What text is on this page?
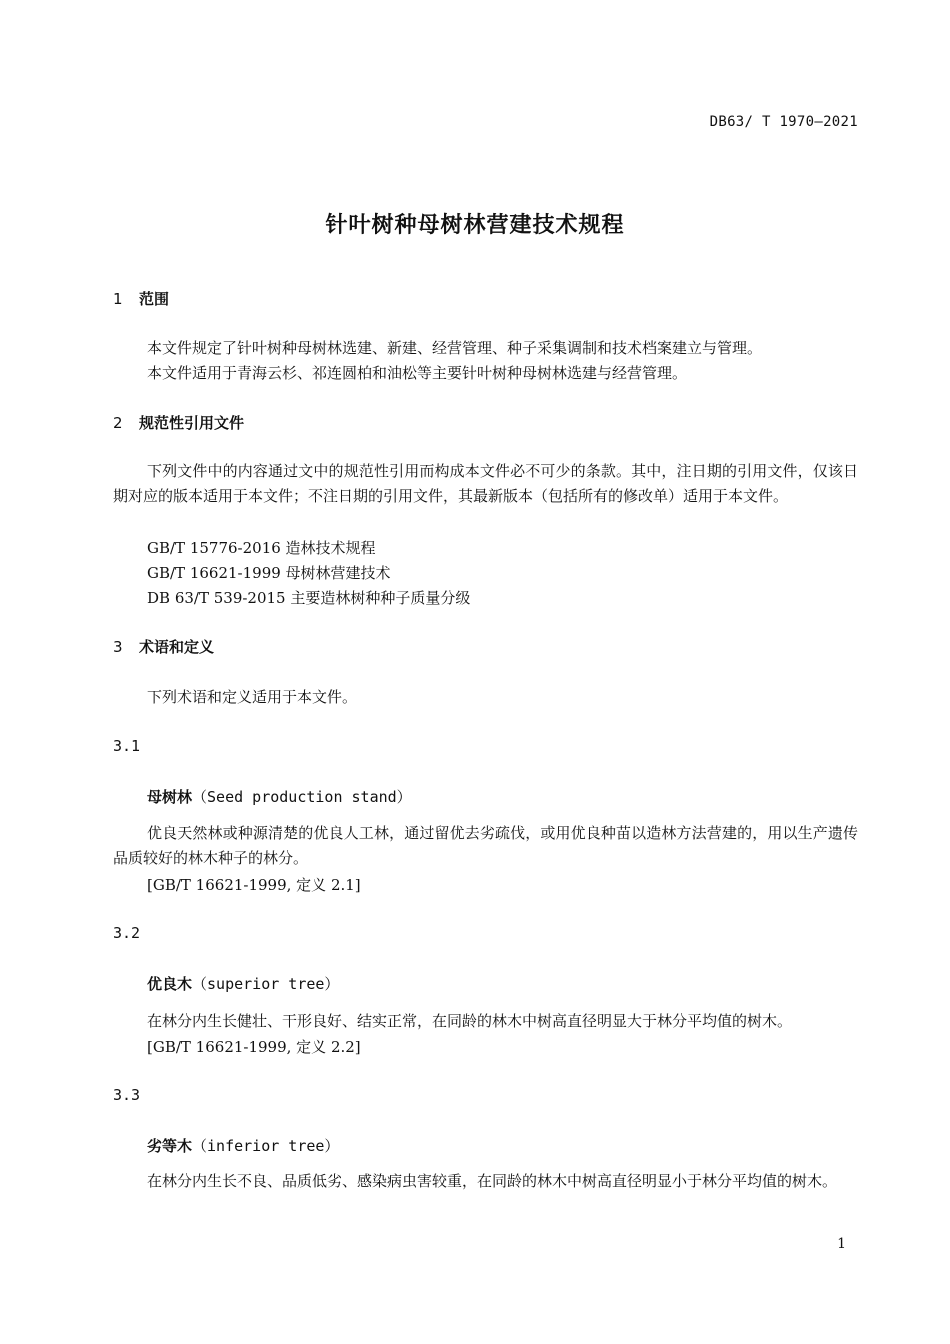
DB63/ T 1970—2021
针叶树种母树林营建技术规程
1 范围
本文件规定了针叶树种母树林选建、新建、经营管理、种子采集调制和技术档案建立与管理。
本文件适用于青海云杉、祁连圆柏和油松等主要针叶树种母树林选建与经营管理。
2 规范性引用文件
下列文件中的内容通过文中的规范性引用而构成本文件必不可少的条款。其中，注日期的引用文件，仅该日期对应的版本适用于本文件；不注日期的引用文件，其最新版本（包括所有的修改单）适用于本文件。
GB/T 15776-2016 造林技术规程
GB/T 16621-1999 母树林营建技术
DB 63/T 539-2015 主要造林树种种子质量分级
3 术语和定义
下列术语和定义适用于本文件。
3.1
母树林（Seed production stand）
优良天然林或种源清楚的优良人工林，通过留优去劣疏伐，或用优良种苗以造林方法营建的，用以生产遗传品质较好的林木种子的林分。
[GB/T 16621-1999, 定义 2.1]
3.2
优良木（superior tree）
在林分内生长健壮、干形良好、结实正常，在同龄的林木中树高直径明显大于林分平均值的树木。
[GB/T 16621-1999, 定义 2.2]
3.3
劣等木（inferior tree）
在林分内生长不良、品质低劣、感染病虫害较重，在同龄的林木中树高直径明显小于林分平均值的树木。
1
